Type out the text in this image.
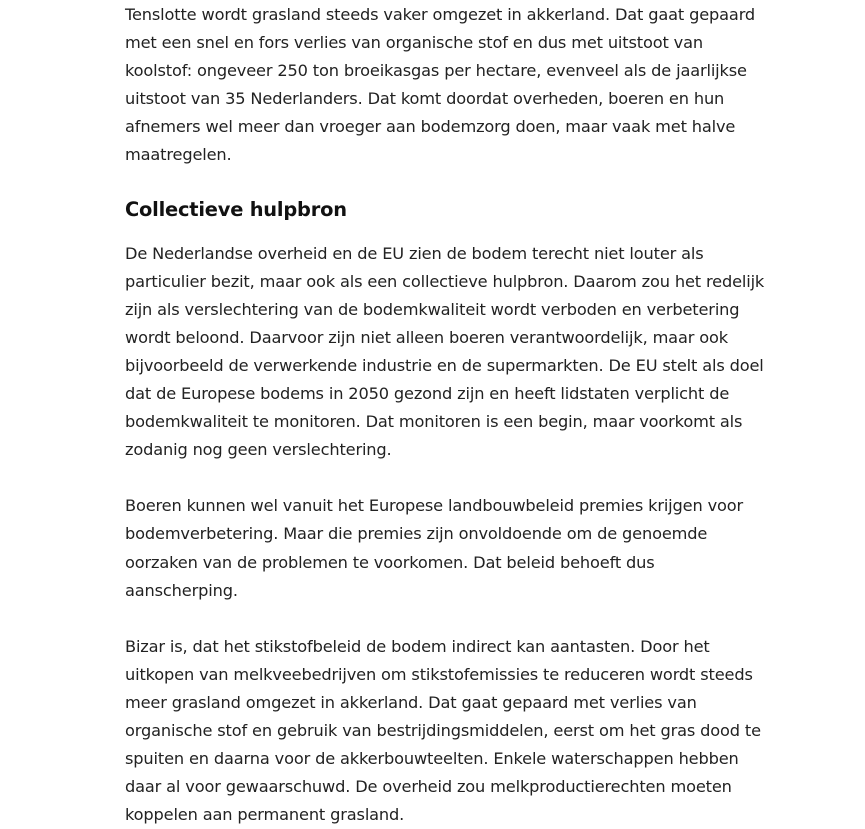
Tenslotte wordt grasland steeds vaker omgezet in akkerland. Dat gaat gepaard met een snel en fors verlies van organische stof en dus met uitstoot van koolstof: ongeveer 250 ton broeikasgas per hectare, evenveel als de jaarlijkse uitstoot van 35 Nederlanders. Dat komt doordat overheden, boeren en hun afnemers wel meer dan vroeger aan bodemzorg doen, maar vaak met halve maatregelen.

Collectieve hulpbron

De Nederlandse overheid en de EU zien de bodem terecht niet louter als particulier bezit, maar ook als een collectieve hulpbron. Daarom zou het redelijk zijn als verslechtering van de bodemkwaliteit wordt verboden en verbetering wordt beloond. Daarvoor zijn niet alleen boeren verantwoordelijk, maar ook bijvoorbeeld de verwerkende industrie en de supermarkten. De EU stelt als doel dat de Europese bodems in 2050 gezond zijn en heeft lidstaten verplicht de bodemkwaliteit te monitoren. Dat monitoren is een begin, maar voorkomt als zodanig nog geen verslechtering.

Boeren kunnen wel vanuit het Europese landbouwbeleid premies krijgen voor bodemverbetering. Maar die premies zijn onvoldoende om de genoemde oorzaken van de problemen te voorkomen. Dat beleid behoeft dus aanscherping.

Bizar is, dat het stikstofbeleid de bodem indirect kan aantasten. Door het uitkopen van melkveebedrijven om stikstofemissies te reduceren wordt steeds meer grasland omgezet in akkerland. Dat gaat gepaard met verlies van organische stof en gebruik van bestrijdingsmiddelen, eerst om het gras dood te spuiten en daarna voor de akkerbouwteelten. Enkele waterschappen hebben daar al voor gewaarschuwd. De overheid zou melkproductierechten moeten koppelen aan permanent grasland.
